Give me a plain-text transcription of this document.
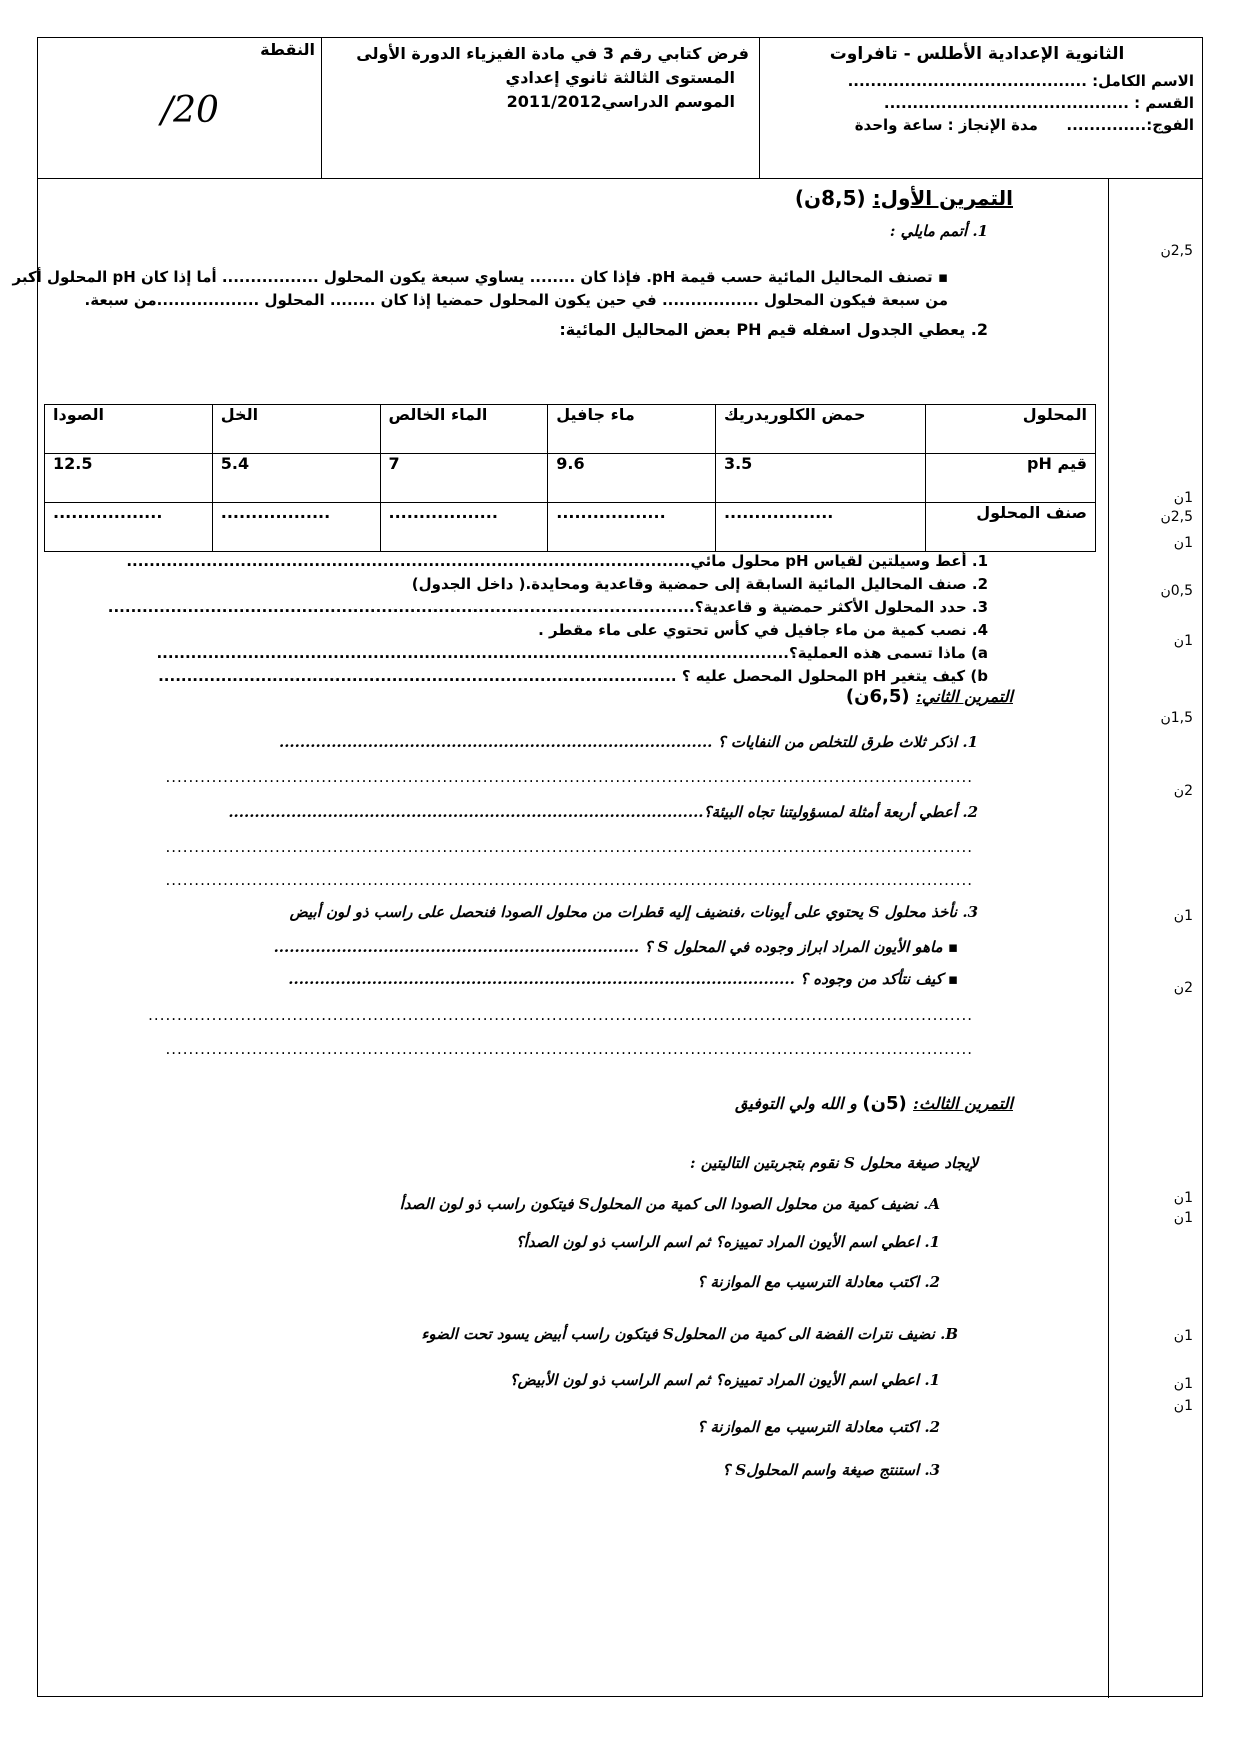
الثانوية الإعدادية الأطلس - تافراوت
الاسم الكامل: ..........................................
القسم : ...........................................
الفوج:..............  مدة الإنجاز : ساعة واحدة
فرض كتابي رقم 3 في مادة الفيزياء الدورة الأولى
المستوى الثالثة ثانوي إعدادي
الموسم الدراسي2011/2012
النقطة
/20
التمرين الأول: (8,5ن)
1. أتمم مايلي :
▪ تصنف المحاليل المائية حسب قيمة pH. فإذا كان ........ يساوي سبعة يكون المحلول ................. أما إذا كان pH المحلول أكبر
من سبعة فيكون المحلول ................. في حين يكون المحلول حمضيا إذا كان ........ المحلول ..................من سبعة.
2. يعطي الجدول اسفله قيم PH بعض المحاليل المائية:
المحلول	حمض الكلوريدريك	ماء جافيل	الماء الخالص	الخل	الصودا
قيم pH	3.5	9.6	7	5.4	12.5
صنف المحلول	..................	..................	..................	..................	..................
1. أعط وسيلتين لقياس pH محلول مائي...................................................................................................
2. صنف المحاليل المائية السابقة إلى حمضية وقاعدية ومحايدة.( داخل الجدول)
3. حدد المحلول الأكثر حمضية و قاعدية؟.......................................................................................................
4. نصب كمية من ماء جافيل في كأس تحتوي على ماء مقطر .
a) ماذا تسمى هذه العملية؟...............................................................................................................
b) كيف يتغير pH المحلول المحصل عليه ؟ ...........................................................................................
التمرين الثاني: (6,5ن)
1. اذكر ثلاث طرق للتخلص من النفايات ؟ ...................................................................................
............................................................................................................................................
2. أعطي أربعة أمثلة لمسؤوليتنا تجاه البيئة؟...........................................................................................
............................................................................................................................................
............................................................................................................................................
3. نأخذ محلول S يحتوي على أيونات ،فنضيف إليه قطرات من محلول الصودا فنحصل على راسب ذو لون أبيض
▪ ماهو الأيون المراد ابراز وجوده في المحلول S ؟ ......................................................................
▪ كيف نتأكد من وجوده ؟ .................................................................................................
...............................................................................................................................................
............................................................................................................................................
التمرين الثالث: (5ن) و الله ولي التوفيق
لإيجاد صيغة محلول S نقوم بتجربتين التاليتين :
A. نضيف كمية من محلول الصودا الى كمية من المحلولS فيتكون راسب ذو لون الصدأ
1. اعطي اسم الأيون المراد تمييزه؟ ثم اسم الراسب ذو لون الصدأ؟
2. اكتب معادلة الترسيب مع الموازنة ؟
B. نضيف نترات الفضة الى كمية من المحلولS فيتكون راسب أبيض يسود تحت الضوء
1. اعطي اسم الأيون المراد تمييزه؟ ثم اسم الراسب ذو لون الأبيض؟
2. اكتب معادلة الترسيب مع الموازنة ؟
3. استنتج صيغة واسم المحلولS ؟
2,5ن
1ن
2,5ن
1ن
0,5ن
1ن
1,5ن
2ن
1ن
2ن
1ن
1ن
1ن
1ن
1ن
